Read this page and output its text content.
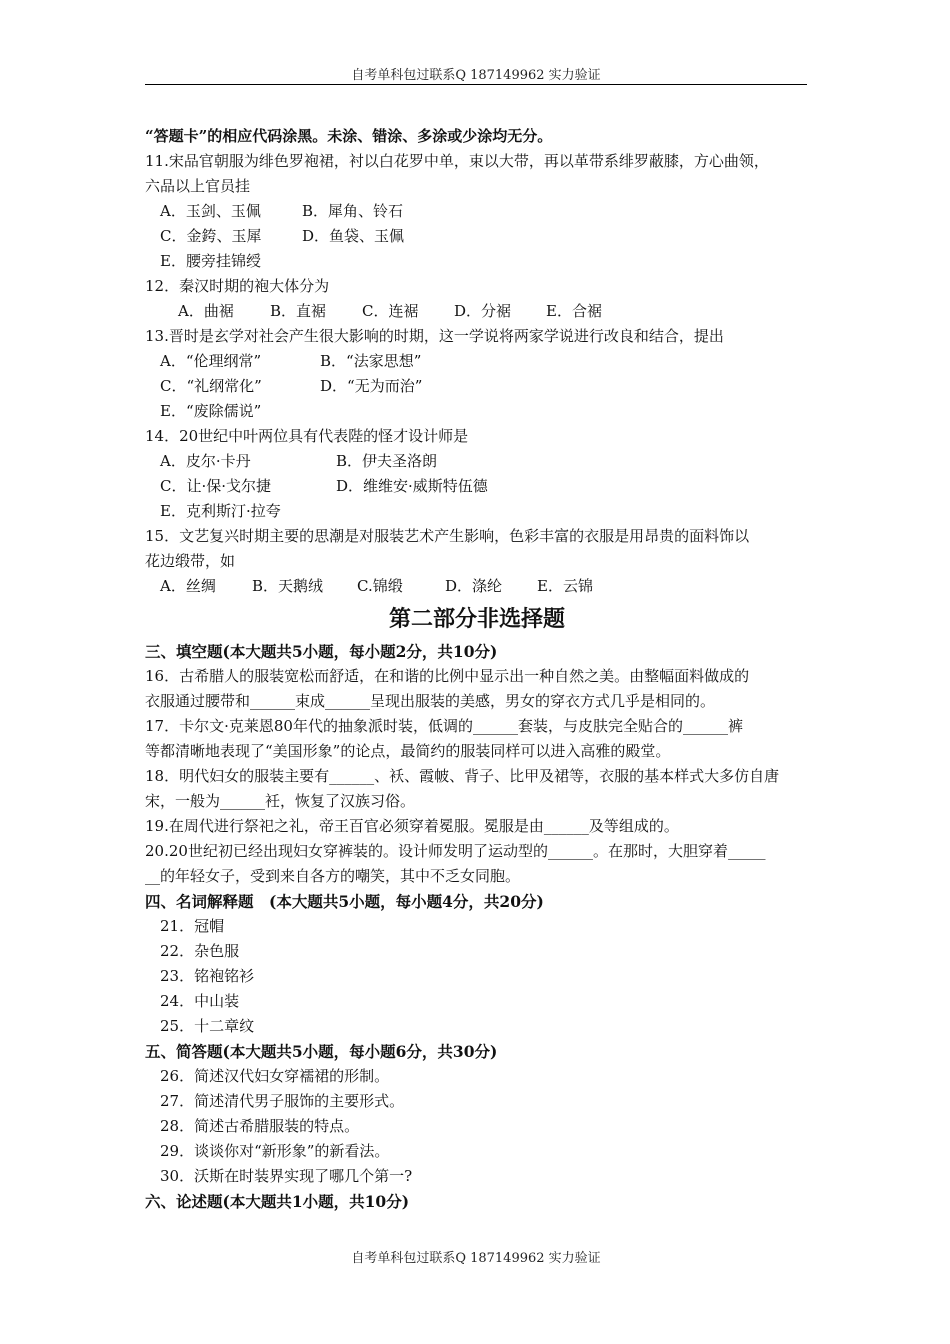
自考单科包过联系Q 187149962 实力验证
“答题卡”的相应代码涂黑。未涂、错涂、多涂或少涂均无分。
11.宋品官朝服为绯色罗袍裙，衬以白花罗中单，束以大带，再以革带系绯罗蔽膝，方心曲领，
六品以上官员挂
A．玉剑、玉佩	B．犀角、铃石
C．金銙、玉犀	D．鱼袋、玉佩
E．腰旁挂锦绶
12．秦汉时期的袍大体分为
A．曲裾 B．直裾 C．连裾 D．分裾 E．合裾
13.晋时是玄学对社会产生很大影响的时期，这一学说将两家学说进行改良和结合，提出
A．“伦理纲常”	B．“法家思想”
C．“礼纲常化”	D．“无为而治”
E．“废除儒说”
14．20世纪中叶两位具有代表陛的怪才设计师是
A．皮尔·卡丹	B．伊夫圣洛朗
C．让·保·戈尔捷	D．维维安·威斯特伍德
E．克利斯汀·拉夸
15．文艺复兴时期主要的思潮是对服装艺术产生影响，色彩丰富的衣服是用昂贵的面料饰以
花边缎带，如
A．丝绸 B．天鹅绒 C.锦缎	D．涤纶 E．云锦
第二部分非选择题
三、填空题(本大题共5小题，每小题2分，共10分)
16．古希腊人的服装宽松而舒适，在和谐的比例中显示出一种自然之美。由整幅面料做成的
衣服通过腰带和______束成______呈现出服装的美感，男女的穿衣方式几乎是相同的。
17．卡尔文·克莱恩80年代的抽象派时装，低调的______套装，与皮肤完全贴合的______裤
等都清晰地表现了“美国形象”的论点，最简约的服装同样可以进入高雅的殿堂。
18．明代妇女的服装主要有______、袄、霞帔、背子、比甲及裙等，衣服的基本样式大多仿自唐
宋，一般为______衽，恢复了汉族习俗。
19.在周代进行祭祀之礼，帝王百官必须穿着冕服。冕服是由______及等组成的。
20.20世纪初已经出现妇女穿裤装的。设计师发明了运动型的______。在那时，大胆穿着_____
__的年轻女子，受到来自各方的嘲笑，其中不乏女同胞。
四、名词解释题　(本大题共5小题，每小题4分，共20分)
21．冠帽
22．杂色服
23．铭袍铭衫
24．中山装
25．十二章纹
五、简答题(本大题共5小题，每小题6分，共30分)
26．简述汉代妇女穿襦裙的形制。
27．简述清代男子服饰的主要形式。
28．简述古希腊服装的特点。
29．谈谈你对“新形象”的新看法。
30．沃斯在时装界实现了哪几个第一?
六、论述题(本大题共1小题，共10分)
自考单科包过联系Q 187149962 实力验证
